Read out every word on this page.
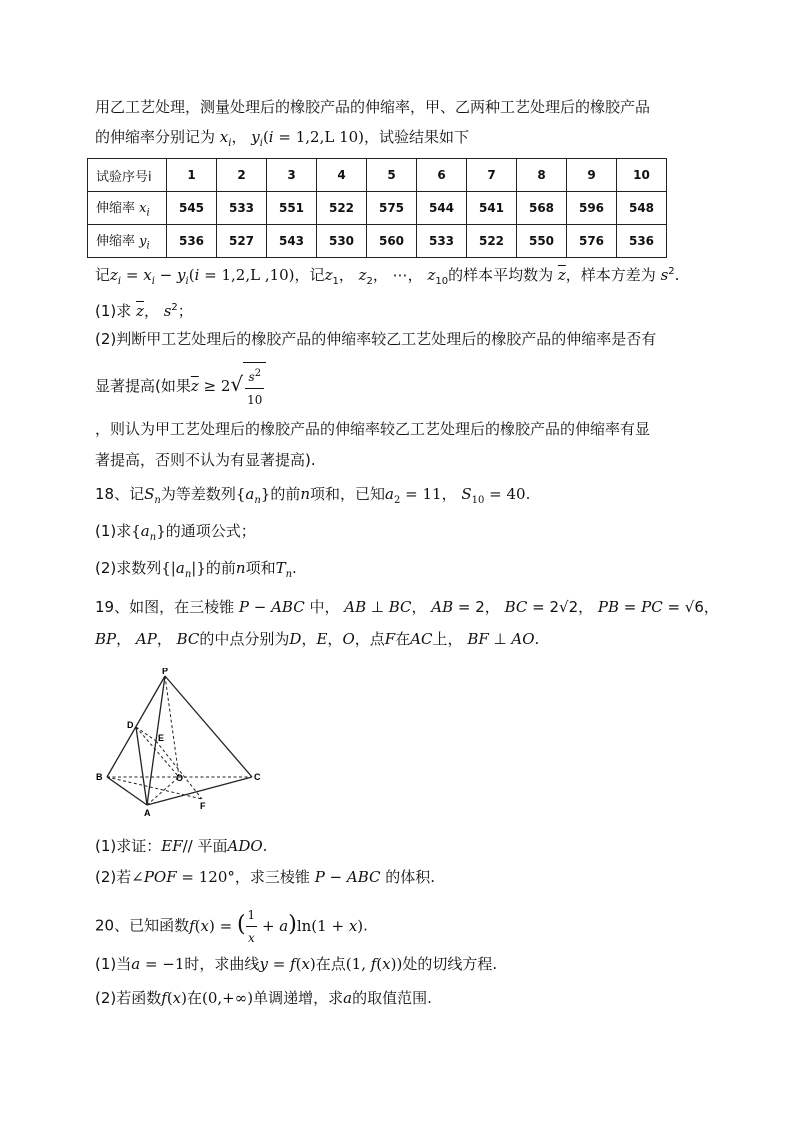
用乙工艺处理，测量处理后的橡胶产品的伸缩率，甲、乙两种工艺处理后的橡胶产品
的伸缩率分别记为 $x_i$， $y_i(i = 1,2,L$ 10)，试验结果如下
试验序号i	1	2	3	4	5	6	7	8	9	10
伸缩率 $x_i$	545	533	551	522	575	544	541	568	596	548
伸缩率 $y_i$	536	527	543	530	560	533	522	550	576	536
记$z_i = x_i - y_i(i = 1,2,L$ ,10)，记$z_1$， $z_2$， ⋯， $z_{10}$的样本平均数为 $\overline{z}$，样本方差为 $s^2$.
(1)求 $\overline{z}$， $s^2$；
(2)判断甲工艺处理后的橡胶产品的伸缩率较乙工艺处理后的橡胶产品的伸缩率是否有
显著提高(如果$\overline{z} \ge 2√ \frac{s^2}{10}$
，则认为甲工艺处理后的橡胶产品的伸缩率较乙工艺处理后的橡胶产品的伸缩率有显
著提高，否则不认为有显著提高).
18、记$S_n$为等差数列$\{a_n\}$的前n项和，已知$a_2 = 11$， $S_{10} = 40$.
(1)求$\{a_n\}$的通项公式；
(2)求数列$\{|a_n|\}$的前n项和$T_n$.
19、如图，在三棱锥 P − ABC 中， AB ⊥ BC， AB = 2， BC = 2√2， PB = PC = √6，
BP， AP， BC的中点分别为D，E，O，点F在AC上， BF ⊥ AO.
P
D
E
O
B	C
A
F
(1)求证：EF// 平面ADO.
(2)若∠POF = 120°，求三棱锥 P − ABC 的体积.
20、已知函数f(x) = ( $\frac{1}{x} + a)\ln(1 + x)$.
(1)当a = −1时，求曲线y = f(x)在点(1, f(x))处的切线方程.
(2)若函数f(x)在(0,+∞)单调递增，求a的取值范围.
